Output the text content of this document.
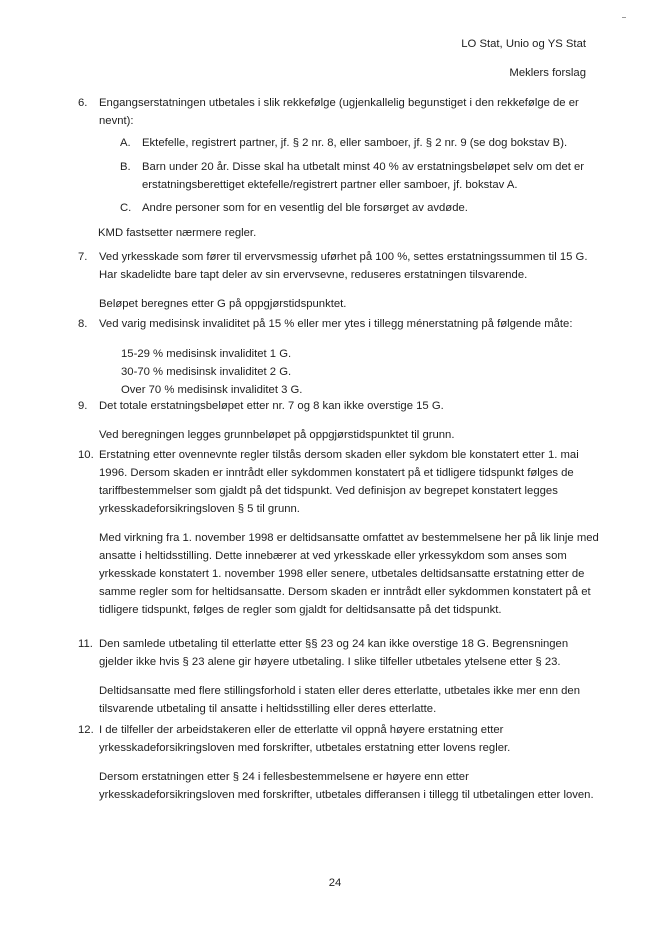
LO Stat, Unio og YS Stat
Meklers forslag
6.	Engangserstatningen utbetales i slik rekkefølge (ugjenkallelig begunstiget i den rekkefølge de er nevnt):
A. Ektefelle, registrert partner, jf. § 2 nr. 8, eller samboer, jf. § 2 nr. 9 (se dog bokstav B).
B. Barn under 20 år. Disse skal ha utbetalt minst 40 % av erstatningsbeløpet selv om det er erstatningsberettiget ektefelle/registrert partner eller samboer, jf. bokstav A.
C. Andre personer som for en vesentlig del ble forsørget av avdøde.
KMD fastsetter nærmere regler.
7.	Ved yrkesskade som fører til ervervsmessig uførhet på 100 %, settes erstatningssummen til 15 G. Har skadelidte bare tapt deler av sin ervervsevne, reduseres erstatningen tilsvarende.
Beløpet beregnes etter G på oppgjørstidspunktet.
8.	Ved varig medisinsk invaliditet på 15 % eller mer ytes i tillegg ménerstatning på følgende måte:
15-29 % medisinsk invaliditet 1 G.
30-70 % medisinsk invaliditet 2 G.
Over 70 % medisinsk invaliditet 3 G.
9.	Det totale erstatningsbeløpet etter nr. 7 og 8 kan ikke overstige 15 G.
Ved beregningen legges grunnbeløpet på oppgjørstidspunktet til grunn.
10. Erstatning etter ovennevnte regler tilstås dersom skaden eller sykdom ble konstatert etter 1. mai 1996. Dersom skaden er inntrådt eller sykdommen konstatert på et tidligere tidspunkt følges de tariffbestemmelser som gjaldt på det tidspunkt. Ved definisjon av begrepet konstatert legges yrkesskadeforsikringsloven § 5 til grunn.
Med virkning fra 1. november 1998 er deltidsansatte omfattet av bestemmelsene her på lik linje med ansatte i heltidsstilling. Dette innebærer at ved yrkesskade eller yrkessykdom som anses som yrkesskade konstatert 1. november 1998 eller senere, utbetales deltidsansatte erstatning etter de samme regler som for heltidsansatte. Dersom skaden er inntrådt eller sykdommen konstatert på et tidligere tidspunkt, følges de regler som gjaldt for deltidsansatte på det tidspunkt.
11. Den samlede utbetaling til etterlatte etter §§ 23 og 24 kan ikke overstige 18 G. Begrensningen gjelder ikke hvis § 23 alene gir høyere utbetaling. I slike tilfeller utbetales ytelsene etter § 23.
Deltidsansatte med flere stillingsforhold i staten eller deres etterlatte, utbetales ikke mer enn den tilsvarende utbetaling til ansatte i heltidsstilling eller deres etterlatte.
12. I de tilfeller der arbeidstakeren eller de etterlatte vil oppnå høyere erstatning etter yrkesskadeforsikringsloven med forskrifter, utbetales erstatning etter lovens regler.
Dersom erstatningen etter § 24 i fellesbestemmelsene er høyere enn etter yrkesskadeforsikringsloven med forskrifter, utbetales differansen i tillegg til utbetalingen etter loven.
24
